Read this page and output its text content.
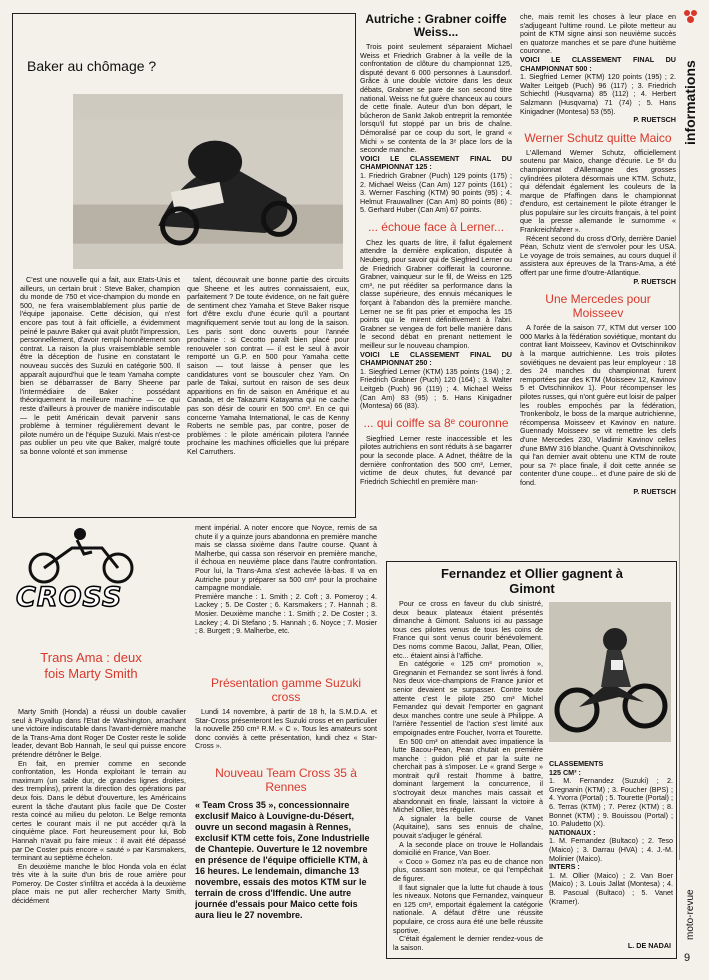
informations
moto-revue
9
Baker au chômage ?
C'est une nouvelle qui a fait, aux Etats-Unis et ailleurs, un certain bruit : Steve Baker, champion du monde de 750 et vice-champion du monde en 500, ne fera vraisemblablement plus partie de l'équipe japonaise. Cette décision, qui n'est encore pas tout à fait officielle, a évidemment peiné le pauvre Baker qui avait plutôt l'impression, personnellement, d'avoir rempli honnêtement son contrat. La raison la plus vraisemblable semble être la déception de l'usine en constatant le nouveau succès des Suzuki en catégorie 500. Il apparaît aujourd'hui que le team Yamaha compte bien se débarrasser de Barry Sheene par l'intermédiaire de Baker : possédant théoriquement la meilleure machine — ce qui reste d'ailleurs à prouver de manière indiscutable — le petit Américain devait parvenir sans problème à terminer régulièrement devant le pilote numéro un de l'équipe Suzuki. Mais n'est-ce pas oublier un peu vite que Baker, malgré toute sa bonne volonté et son immense
talent, découvrait une bonne partie des circuits que Sheene et les autres connaissaient, eux, parfaitement ? De toute évidence, on ne fait guère de sentiment chez Yamaha et Steve Baker risque fort d'être exclu d'une écurie qu'il a pourtant magnifiquement servie tout au long de la saison. Les paris sont donc ouverts pour l'année prochaine : si Cecotto paraît bien placé pour renouveler son contrat — il est le seul à avoir remporté un G.P. en 500 pour Yamaha cette saison — tout laisse à penser que les candidatures vont se bousculer chez Yam. On parle de Takai, surtout en raison de ses deux apparitions en fin de saison en Amérique et au Canada, et de Takazumi Katayama qui ne cache pas son désir de courir en 500 cm³. En ce qui concerne Yamaha International, le cas de Kenny Roberts ne semble pas, par contre, poser de problèmes : le pilote américain pilotera l'année prochaine les machines officielles que lui prépare Kel Carruthers.
Autriche : Grabner coiffe Weiss...

Trois point seulement séparaient Michael Weiss et Friedrich Grabner à la veille de la confrontation de clôture du championnat 125, disputé devant 6 000 personnes à Launsdorf. Grâce à une double victoire dans les deux débats, Grabner se pare de son second titre national. Weiss ne fut guère chanceux au cours de cette finale. Auteur d'un bon départ, le bûcheron de Sankt Jakob entreprit la remontée lorsqu'il fut stoppé par un bris de chaîne. Démoralisé par ce coup du sort, le grand « Michi » se contenta de la 3ᵉ place lors de la seconde manche.

VOICI LE CLASSEMENT FINAL DU CHAMPIONNAT 125 :
1. Friedrich Grabner (Puch) 129 points (175) ; 2. Michael Weiss (Can Am) 127 points (161) ; 3. Werner Fasching (KTM) 90 points (95) ; 4. Helmut Frauwallner (Can Am) 80 points (86) ; 5. Gerhard Huber (Can Am) 67 points.
... échoue face à Lerner...

Chez les quarts de litre, il fallut également attendre la dernière explication, disputée à Neuberg, pour savoir qui de Siegfried Lerner ou de Friedrich Grabner coifferait la couronne. Grabner, vainqueur sur le fil, de Weiss en 125 cm³, ne put rééditer sa performance dans la classe supérieure, des ennuis mécaniques le forçant à l'abandon dès la première manche. Lerner ne se fit pas prier et empocha les 15 points qui le mirent définitivement à l'abri. Grabner se vengea de fort belle manière dans le second débat en prenant nettement le meilleur sur le nouveau champion.

VOICI LE CLASSEMENT FINAL DU CHAMPIONNAT 250 :
1. Siegfried Lerner (KTM) 135 points (194) ; 2. Friedrich Grabner (Puch) 120 (164) ; 3. Walter Leitgeb (Puch) 96 (119) ; 4. Michael Weiss (Can Am) 83 (95) ; 5. Hans Kinigadner (Montesa) 66 (83).
... qui coiffe sa 8ᵉ couronne

Siegfried Lerner reste inaccessible et les pilotes autrichiens en sont réduits à se bagarrer pour la seconde place. A Adnet, théâtre de la dernière confrontation des 500 cm³, Lerner, victime de deux chutes, fut devancé par Friedrich Schiechtl en première man-

Fernandez et Ollier gagnent à Gimont

Pour ce cross en faveur du club sinistré, deux beaux plateaux étaient présentés dimanche à Gimont. Saluons ici au passage tous ces pilotes venus de tous les coins de France qui sont venus courir bénévolement. Des noms comme Bacou, Jallat, Pean, Ollier, etc... étaient ainsi à l'affiche.

En catégorie « 125 cm³ promotion », Gregnanin et Fernandez se sont livrés à fond. Nos deux vice-champions de France junior et senior devaient se surpasser. Contre toute attente c'est le pilote 250 cm³ Michel Fernandez qui devait l'emporter en gagnant deux manches contre une seule à Philippe. A l'arrière l'essentiel de l'action s'est limité aux empoignades entre Foucher, Ivorra et Tourette.

En 500 cm³ on attendait avec impatience la lutte Bacou-Pean, Pean chutait en première manche : guidon plié et par la suite ne cherchait pas à s'imposer. Le « grand Serge » montrait qu'il restait l'homme à battre, dominant largement la concurrence, il s'octroyait deux manches mais cassait et abandonnait en finale, laissant la victoire à Michel Ollier, très régulier.

A signaler la belle course de Vanet (Aquitaine), sans ses ennuis de chaîne, pouvait s'adjuger le général.

A la seconde place on trouve le Hollandais domicilié en France, Van Boer.

« Coco » Gomez n'a pas eu de chance non plus, cassant son moteur, ce qui l'empêchait de figurer.

Il faut signaler que la lutte fut chaude à tous les niveaux. Notons que Fernandez, vainqueur en 125 cm³, emportait également la catégorie nationale. A défaut d'être une réussite populaire, ce cross aura été une belle réussite sportive.

C'était également le dernier rendez-vous de la saison.

CLASSEMENTS
125 CM³ :
1. M. Fernandez (Suzuki) ; 2. Gregnanin (KTM) ; 3. Foucher (BPS) ; 4. Yvorra (Portal) ; 5. Tourette (Portal) ; 6. Terras (KTM) ; 7. Perez (KTM) ; 8. Bonnet (KTM) ; 9. Bouissou (Portal) ; 10. Paludetto (X).
NATIONAUX :
1. M. Fernandez (Bultaco) ; 2. Teso (Maico) ; 3. Darrau (HVA) ; 4. J.-M. Molinier (Maico).
INTERS :
1. M. Ollier (Maico) ; 2. Van Boer (Maico) ; 3. Louis Jallat (Montesa) ; 4. B. Pascual (Bultaco) ; 5. Vanet (Kramer).
L. DE NADAI
CROSS
Trans Ama : deux fois Marty Smith

Marty Smith (Honda) a réussi un double cavalier seul à Puyallup dans l'Etat de Washington, arrachant une victoire indiscutable dans l'avant-dernière manche de la Trans-Ama dont Roger De Coster reste le solide leader, devant Bob Hannah, le seul qui puisse encore prétendre détrôner le Belge.

En fait, en premier comme en seconde confrontation, les Honda exploitant le terrain au maximum (un sable dur, de grandes lignes droites, des tremplins), prirent la direction des opérations par deux fois. Dans le début d'ouverture, les Américains eurent la tâche d'autant plus facile que De Coster resta coincé au milieu du peloton. Le Belge remonta certes le courant mais il ne put accéder qu'à la cinquième place. Fort heureusement pour lui, Bob Hannah n'avait pu faire mieux : il avait été dépassé par De Coster puis encore « sauté » par Karsmakers, terminant au septième échelon.

En deuxième manche le bloc Honda vola en éclat très vite à la suite d'un bris de roue arrière pour Pomeroy. De Coster s'infiltra et accéda à la deuxième place mais ne put aller rechercher Marty Smith, décidément

ment impérial. A noter encore que Noyce, remis de sa chute il y a quinze jours abandonna en première manche mais se classa sixième dans l'autre course. Quant à Malherbe, qui cassa son réservoir en première manche, il échoua en neuvième place dans l'autre confrontation. Pour lui, la Trans-Ama s'est achevée là-bas. Il va en Autriche pour y préparer sa 500 cm³ pour la prochaine campagne mondiale.
Première manche : 1. Smith ; 2. Coft ; 3. Pomeroy ; 4. Lackey ; 5. De Coster ; 6. Karsmakers ; 7. Hannah ; 8. Mosier. Deuxième manche : 1. Smith ; 2. De Coster ; 3. Lackey ; 4. Di Stefano ; 5. Hannah ; 6. Noyce ; 7. Mosier ; 8. Burgett ; 9. Malherbe, etc.
Présentation gamme Suzuki cross
Lundi 14 novembre, à partir de 18 h, la S.M.D.A. et Star-Cross présenteront les Suzuki cross et en particulier la nouvelle 250 cm³ R.M. « C ». Tous les amateurs sont donc conviés à cette présentation, lundi chez « Star-Cross ».
Nouveau Team Cross 35 à Rennes
« Team Cross 35 », concessionnaire exclusif Maico à Louvigne-du-Désert, ouvre un second magasin à Rennes, exclusif KTM cette fois, Zone Industrielle de Chantepie. Ouverture le 12 novembre en présence de l'équipe officielle KTM, à 16 heures. Le lendemain, dimanche 13 novembre, essais des motos KTM sur le terrain de cross d'Iffendic. Une autre journée d'essais pour Maico cette fois aura lieu le 27 novembre.
che, mais remit les choses à leur place en s'adjugeant l'ultime round. Le pilote metteur au point de KTM signe ainsi son neuvième succès en quatorze manches et se pare d'une huitième couronne.
VOICI LE CLASSEMENT FINAL DU CHAMPIONNAT 500 :
1. Siegfried Lerner (KTM) 120 points (195) ; 2. Walter Leitgeb (Puch) 96 (117) ; 3. Friedrich Schiechtl (Husqvarna) 85 (112) ; 4. Herbert Salzmann (Husqvarna) 71 (74) ; 5. Hans Kinigadner (Montesa) 53 (55).
P. RUETSCH
Werner Schutz quitte Maico

L'Allemand Werner Schutz, officiellement soutenu par Maico, change d'écurie. Le 5ᵉ du championnat d'Allemagne des grosses cylindrées pilotera désormais une KTM. Schutz, qui défendait également les couleurs de la marque de Pfaffingen dans le championnat d'enduro, est certainement le pilote étranger le plus populaire sur les circuits français, à tel point que la presse allemande le surnomme « Frankreichfahrer ».

Récent second du cross d'Orly, derrière Daniel Péan, Schutz vient de s'envoler pour les USA. Le voyage de trois semaines, au cours duquel il assistera aux épreuves de la Trans-Ama, a été offert par une firme d'outre-Atlantique.

P. RUETSCH
Une Mercedes pour Moisseev

A l'orée de la saison 77, KTM dut verser 100 000 Marks à la fédération soviétique, montant du contrat liant Moisseev, Kavinov et Ovtschinnikov à la marque autrichienne. Les trois pilotes soviétiques ne devaient pas leur employeur : 18 des 24 manches du championnat furent remportées par des KTM (Moisseev 12, Kavinov 5 et Ovtschinnikov 1). Pour récompenser les pilotes russes, qui n'ont guère eut loisir de palper les roubles empochés par la fédération, Tronkenbolz, le boss de la marque autrichienne, récompensa Moisseev et Kavinov en nature. Guennady Moisseev se vit remettre les clefs d'une Mercedes 230, Vladimir Kavinov celles d'une BMW 316 blanche. Quant à Ovtschinnikov, qui l'an dernier avait obtenu une KTM de route pour sa 7ᵉ place finale, il doit cette année se contenter d'une coupe... et d'une paire de ski de fond.

P. RUETSCH
